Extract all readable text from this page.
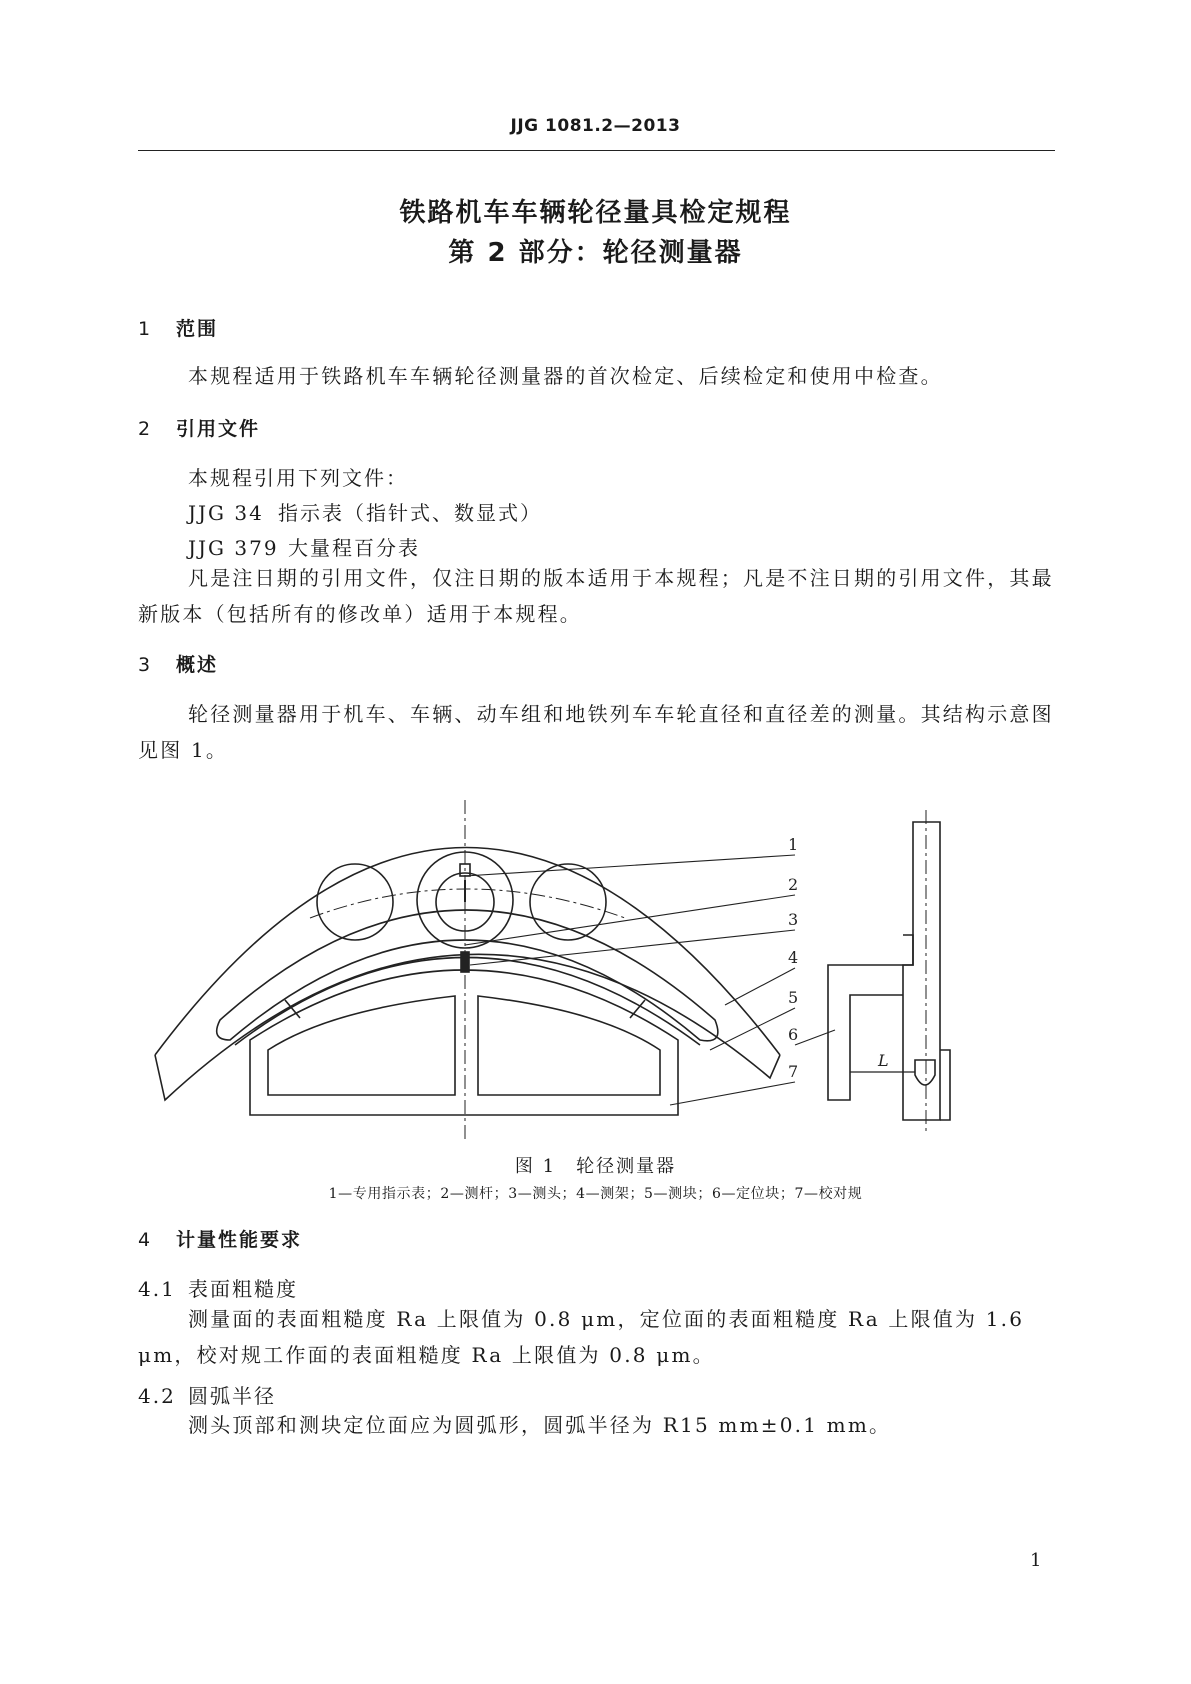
JJG 1081.2—2013
铁路机车车辆轮径量具检定规程
第 2 部分：轮径测量器
1 范围
本规程适用于铁路机车车辆轮径测量器的首次检定、后续检定和使用中检查。
2 引用文件
本规程引用下列文件：
JJG 34 指示表（指针式、数显式）
JJG 379 大量程百分表
凡是注日期的引用文件，仅注日期的版本适用于本规程；凡是不注日期的引用文件，其最新版本（包括所有的修改单）适用于本规程。
3 概述
轮径测量器用于机车、车辆、动车组和地铁列车车轮直径和直径差的测量。其结构示意图见图 1。
1
2
3
4
5
6
7
L
图 1　轮径测量器
1—专用指示表；2—测杆；3—测头；4—测架；5—测块；6—定位块；7—校对规
4 计量性能要求
4.1 表面粗糙度
测量面的表面粗糙度 Ra 上限值为 0.8 μm，定位面的表面粗糙度 Ra 上限值为 1.6 μm，校对规工作面的表面粗糙度 Ra 上限值为 0.8 μm。
4.2 圆弧半径
测头顶部和测块定位面应为圆弧形，圆弧半径为 R15 mm±0.1 mm。
1
